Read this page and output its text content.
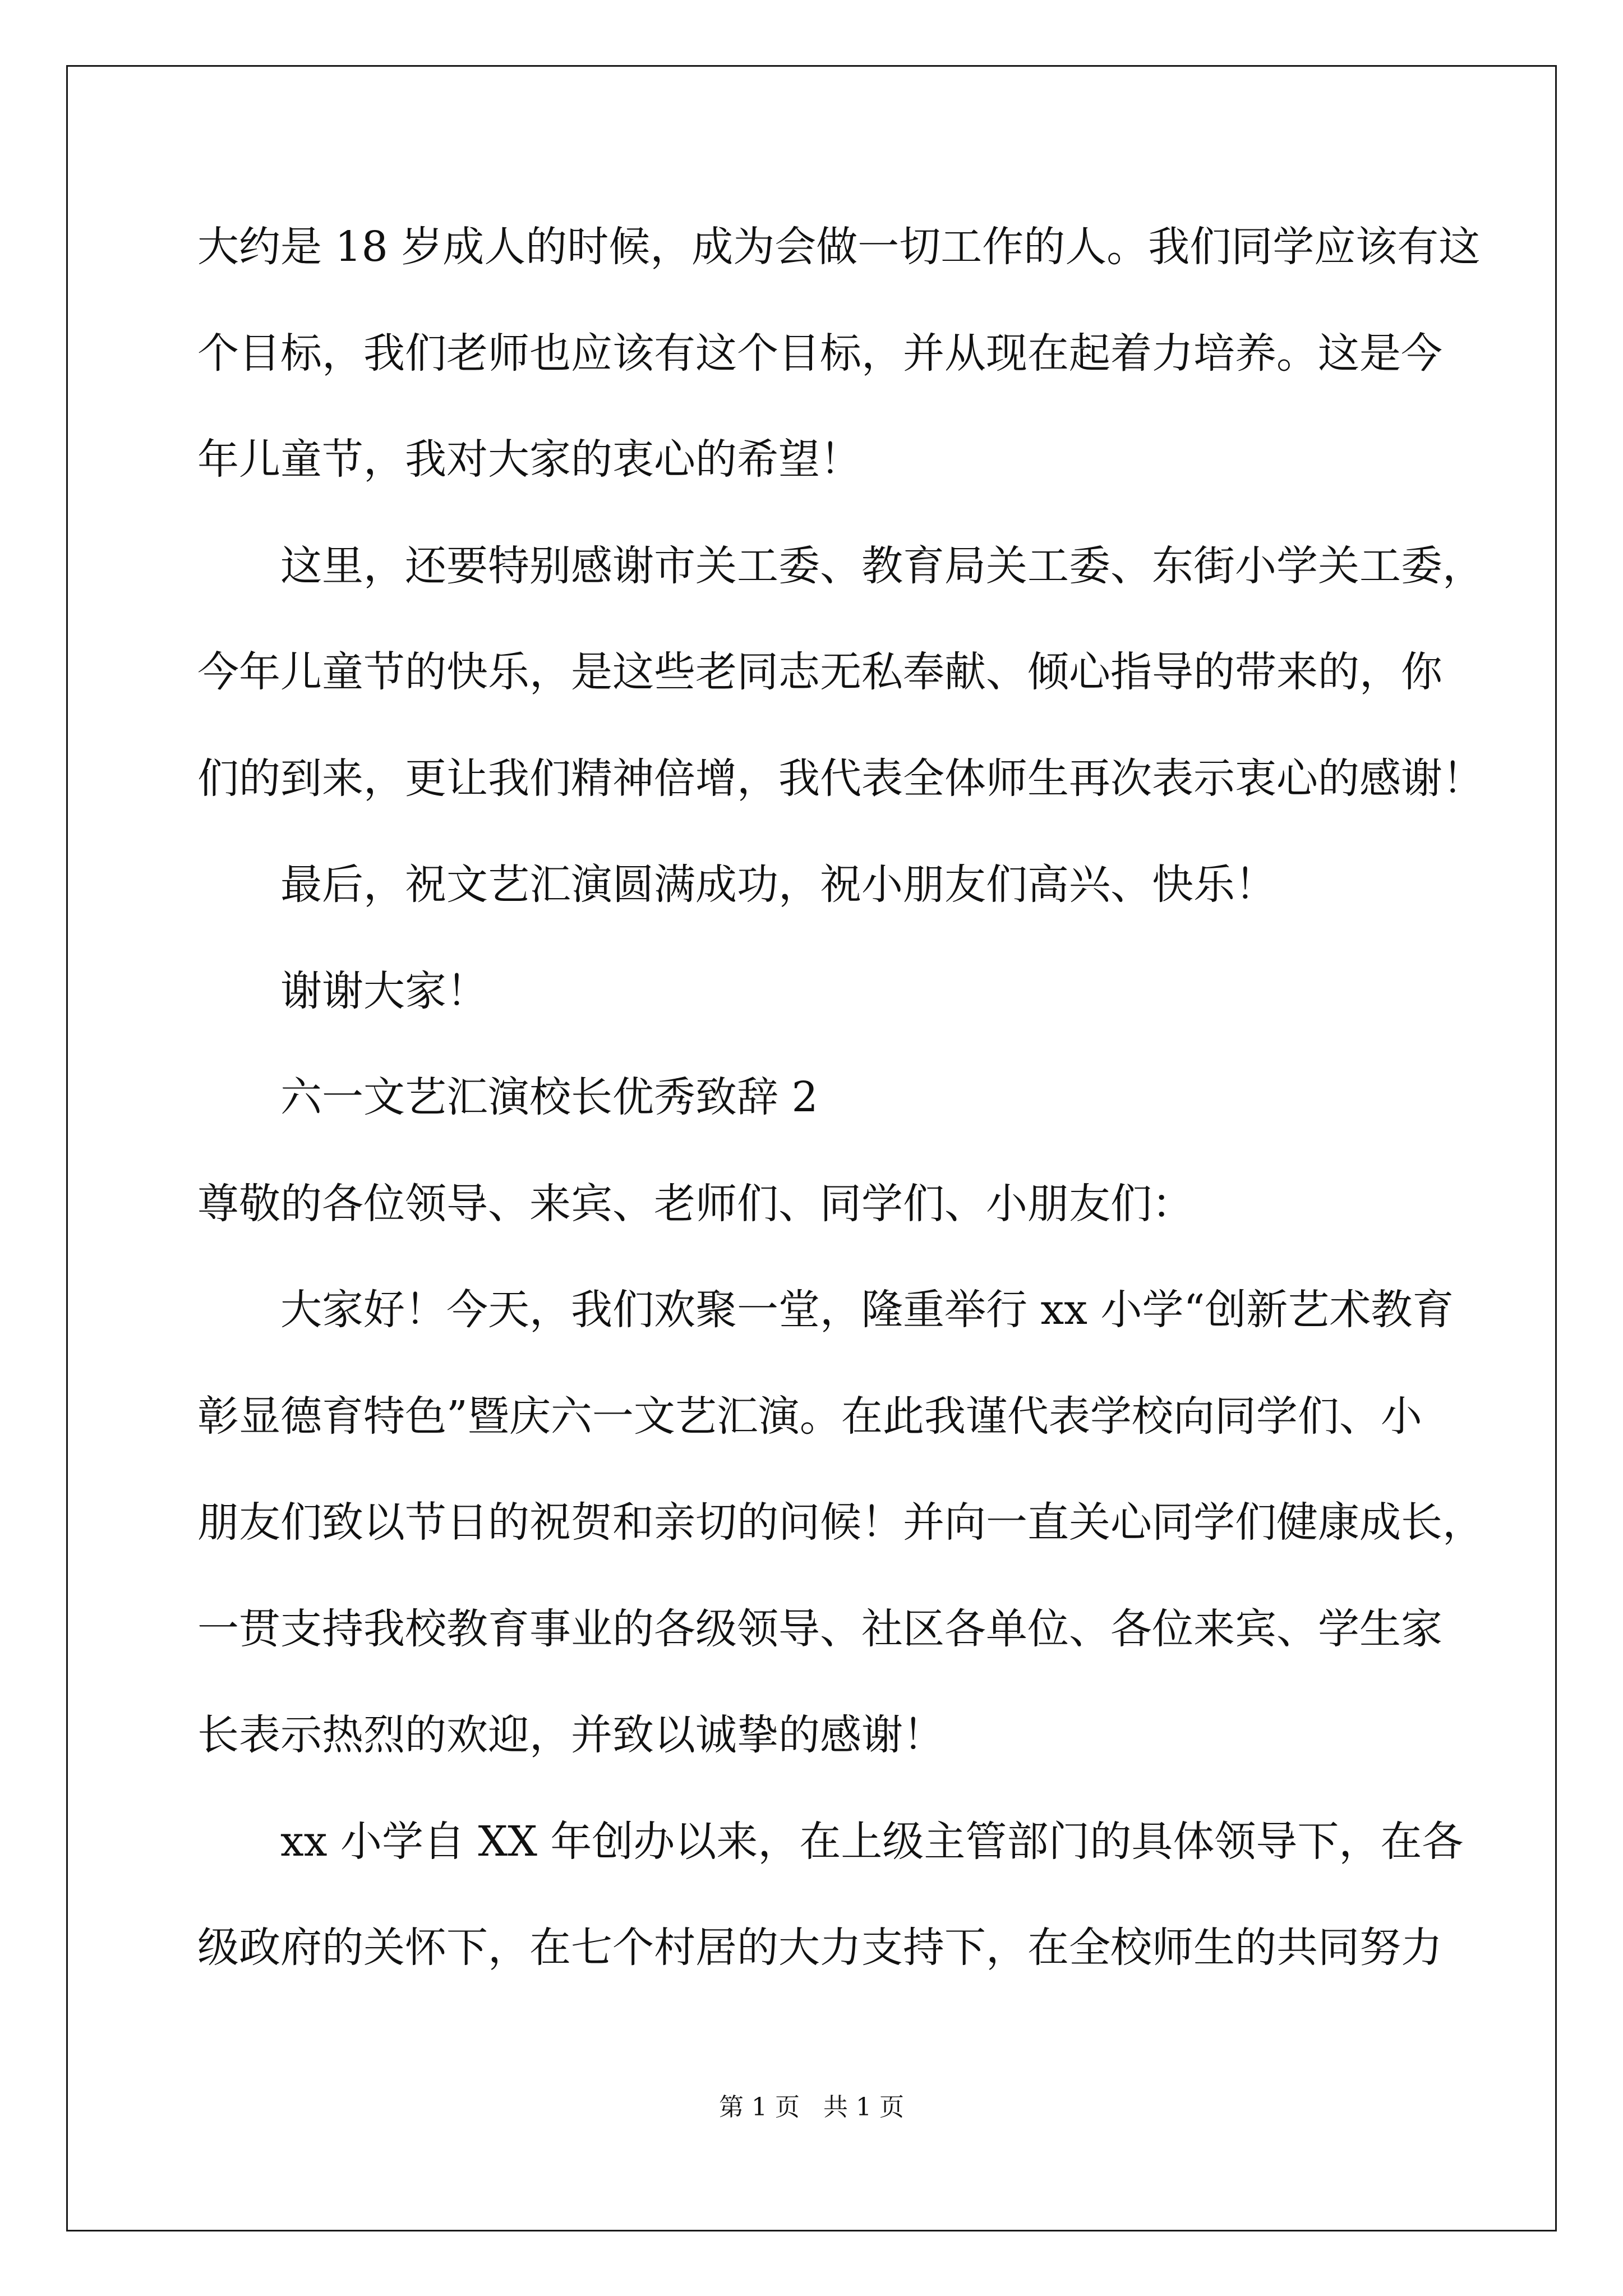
大约是 18 岁成人的时候，成为会做一切工作的人。我们同学应该有这
个目标，我们老师也应该有这个目标，并从现在起着力培养。这是今
年儿童节，我对大家的衷心的希望！
这里，还要特别感谢市关工委、教育局关工委、东街小学关工委，
今年儿童节的快乐，是这些老同志无私奉献、倾心指导的带来的，你
们的到来，更让我们精神倍增，我代表全体师生再次表示衷心的感谢！
最后，祝文艺汇演圆满成功，祝小朋友们高兴、快乐！
谢谢大家！
六一文艺汇演校长优秀致辞 2
尊敬的各位领导、来宾、老师们、同学们、小朋友们：
大家好！今天，我们欢聚一堂，隆重举行 xx 小学“创新艺术教育
彰显德育特色”暨庆六一文艺汇演。在此我谨代表学校向同学们、小
朋友们致以节日的祝贺和亲切的问候！并向一直关心同学们健康成长，
一贯支持我校教育事业的各级领导、社区各单位、各位来宾、学生家
长表示热烈的欢迎，并致以诚挚的感谢！
xx 小学自 XX 年创办以来，在上级主管部门的具体领导下，在各
级政府的关怀下，在七个村居的大力支持下，在全校师生的共同努力
第 1 页   共 1 页
